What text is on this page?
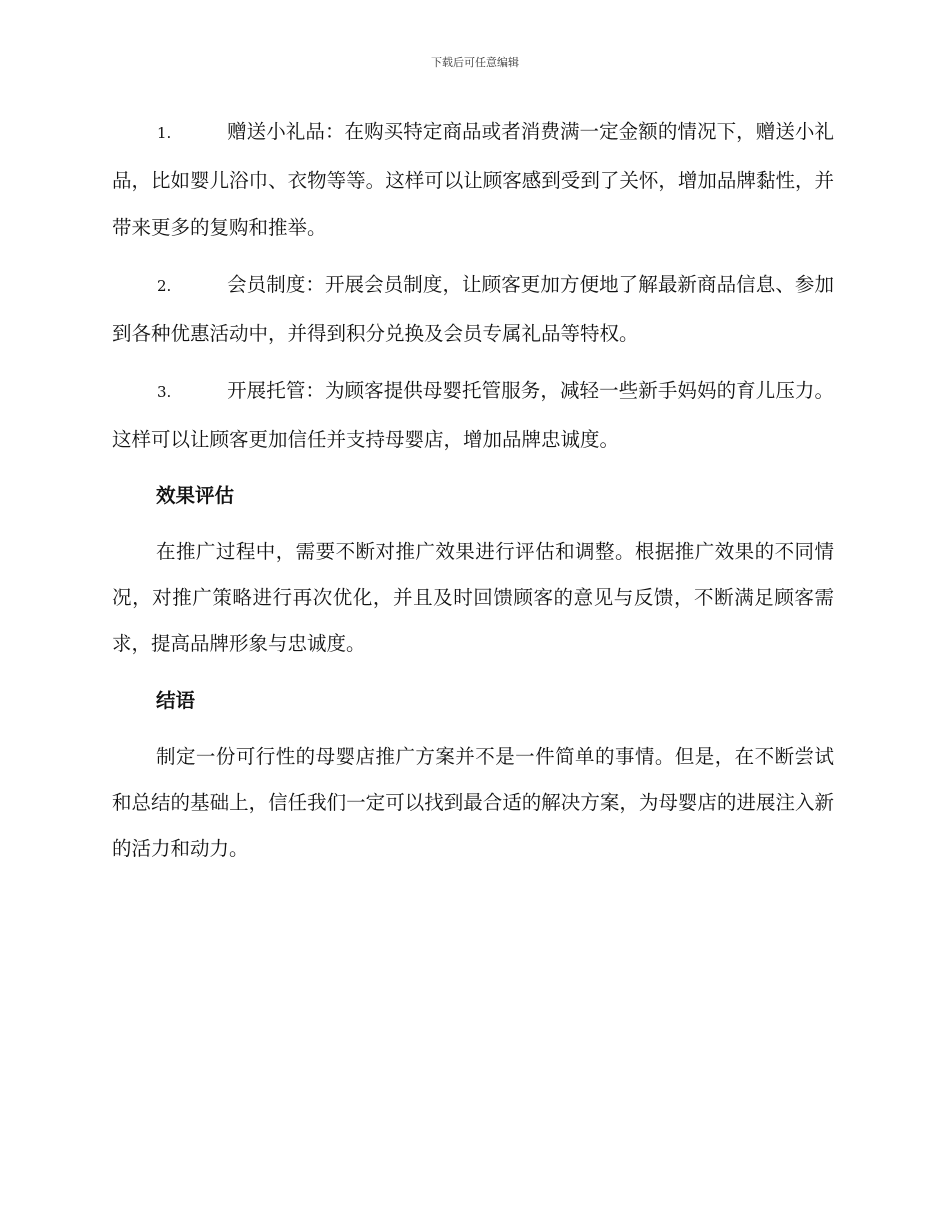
下载后可任意编辑

1.	赠送小礼品：在购买特定商品或者消费满一定金额的情况下，赠送小礼品，比如婴儿浴巾、衣物等等。这样可以让顾客感到受到了关怀，增加品牌黏性，并带来更多的复购和推举。

2.	会员制度：开展会员制度，让顾客更加方便地了解最新商品信息、参加到各种优惠活动中，并得到积分兑换及会员专属礼品等特权。

3.	开展托管：为顾客提供母婴托管服务，减轻一些新手妈妈的育儿压力。这样可以让顾客更加信任并支持母婴店，增加品牌忠诚度。

效果评估

在推广过程中，需要不断对推广效果进行评估和调整。根据推广效果的不同情况，对推广策略进行再次优化，并且及时回馈顾客的意见与反馈，不断满足顾客需求，提高品牌形象与忠诚度。

结语

制定一份可行性的母婴店推广方案并不是一件简单的事情。但是，在不断尝试和总结的基础上，信任我们一定可以找到最合适的解决方案，为母婴店的进展注入新的活力和动力。
